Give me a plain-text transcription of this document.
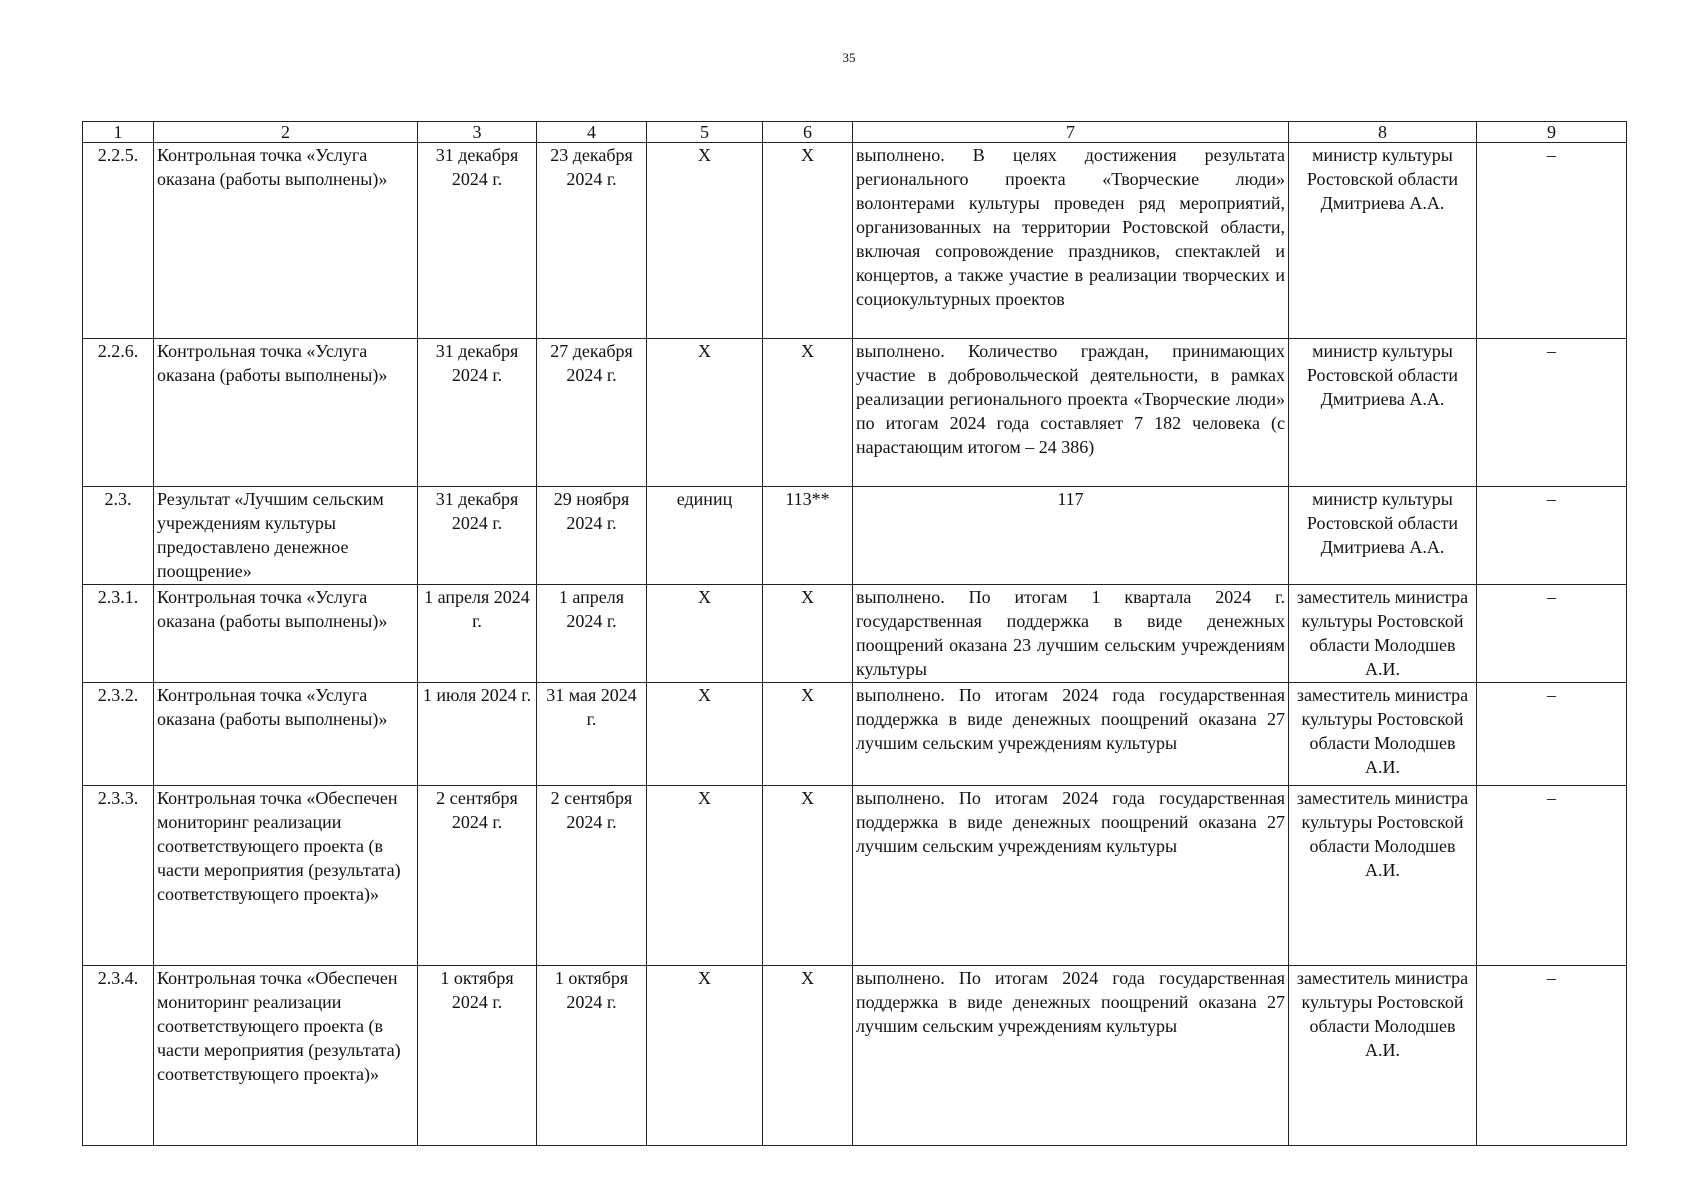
35
1	2	3	4	5	6	7	8	9
2.2.5.	Контрольная точка «Услуга оказана (работы выполнены)»	31 декабря 2024 г.	23 декабря 2024 г.	X	X	выполнено. В целях достижения результата регионального проекта «Творческие люди» волонтерами культуры проведен ряд мероприятий, организованных на территории Ростовской области, включая сопровождение праздников, спектаклей и концертов, а также участие в реализации творческих и социокультурных проектов	министр культуры Ростовской области Дмитриева А.А.	–
2.2.6.	Контрольная точка «Услуга оказана (работы выполнены)»	31 декабря 2024 г.	27 декабря 2024 г.	X	X	выполнено. Количество граждан, принимающих участие в добровольческой деятельности, в рамках реализации регионального проекта «Творческие люди» по итогам 2024 года составляет 7 182 человека (с нарастающим итогом – 24 386)	министр культуры Ростовской области Дмитриева А.А.	–
2.3.	Результат «Лучшим сельским учреждениям культуры предоставлено денежное поощрение»	31 декабря 2024 г.	29 ноября 2024 г.	единиц	113**	117	министр культуры Ростовской области Дмитриева А.А.	–
2.3.1.	Контрольная точка «Услуга оказана (работы выполнены)»	1 апреля 2024 г.	1 апреля 2024 г.	X	X	выполнено. По итогам 1 квартала 2024 г. государственная поддержка в виде денежных поощрений оказана 23 лучшим сельским учреждениям культуры	заместитель министра культуры Ростовской области Молодшев А.И.	–
2.3.2.	Контрольная точка «Услуга оказана (работы выполнены)»	1 июля 2024 г.	31 мая 2024 г.	X	X	выполнено. По итогам 2024 года государственная поддержка в виде денежных поощрений оказана 27 лучшим сельским учреждениям культуры	заместитель министра культуры Ростовской области Молодшев А.И.	–
2.3.3.	Контрольная точка «Обеспечен мониторинг реализации соответствующего проекта (в части мероприятия (результата) соответствующего проекта)»	2 сентября 2024 г.	2 сентября 2024 г.	X	X	выполнено. По итогам 2024 года государственная поддержка в виде денежных поощрений оказана 27 лучшим сельским учреждениям культуры	заместитель министра культуры Ростовской области Молодшев А.И.	–
2.3.4.	Контрольная точка «Обеспечен мониторинг реализации соответствующего проекта (в части мероприятия (результата) соответствующего проекта)»	1 октября 2024 г.	1 октября 2024 г.	X	X	выполнено. По итогам 2024 года государственная поддержка в виде денежных поощрений оказана 27 лучшим сельским учреждениям культуры	заместитель министра культуры Ростовской области Молодшев А.И.	–
